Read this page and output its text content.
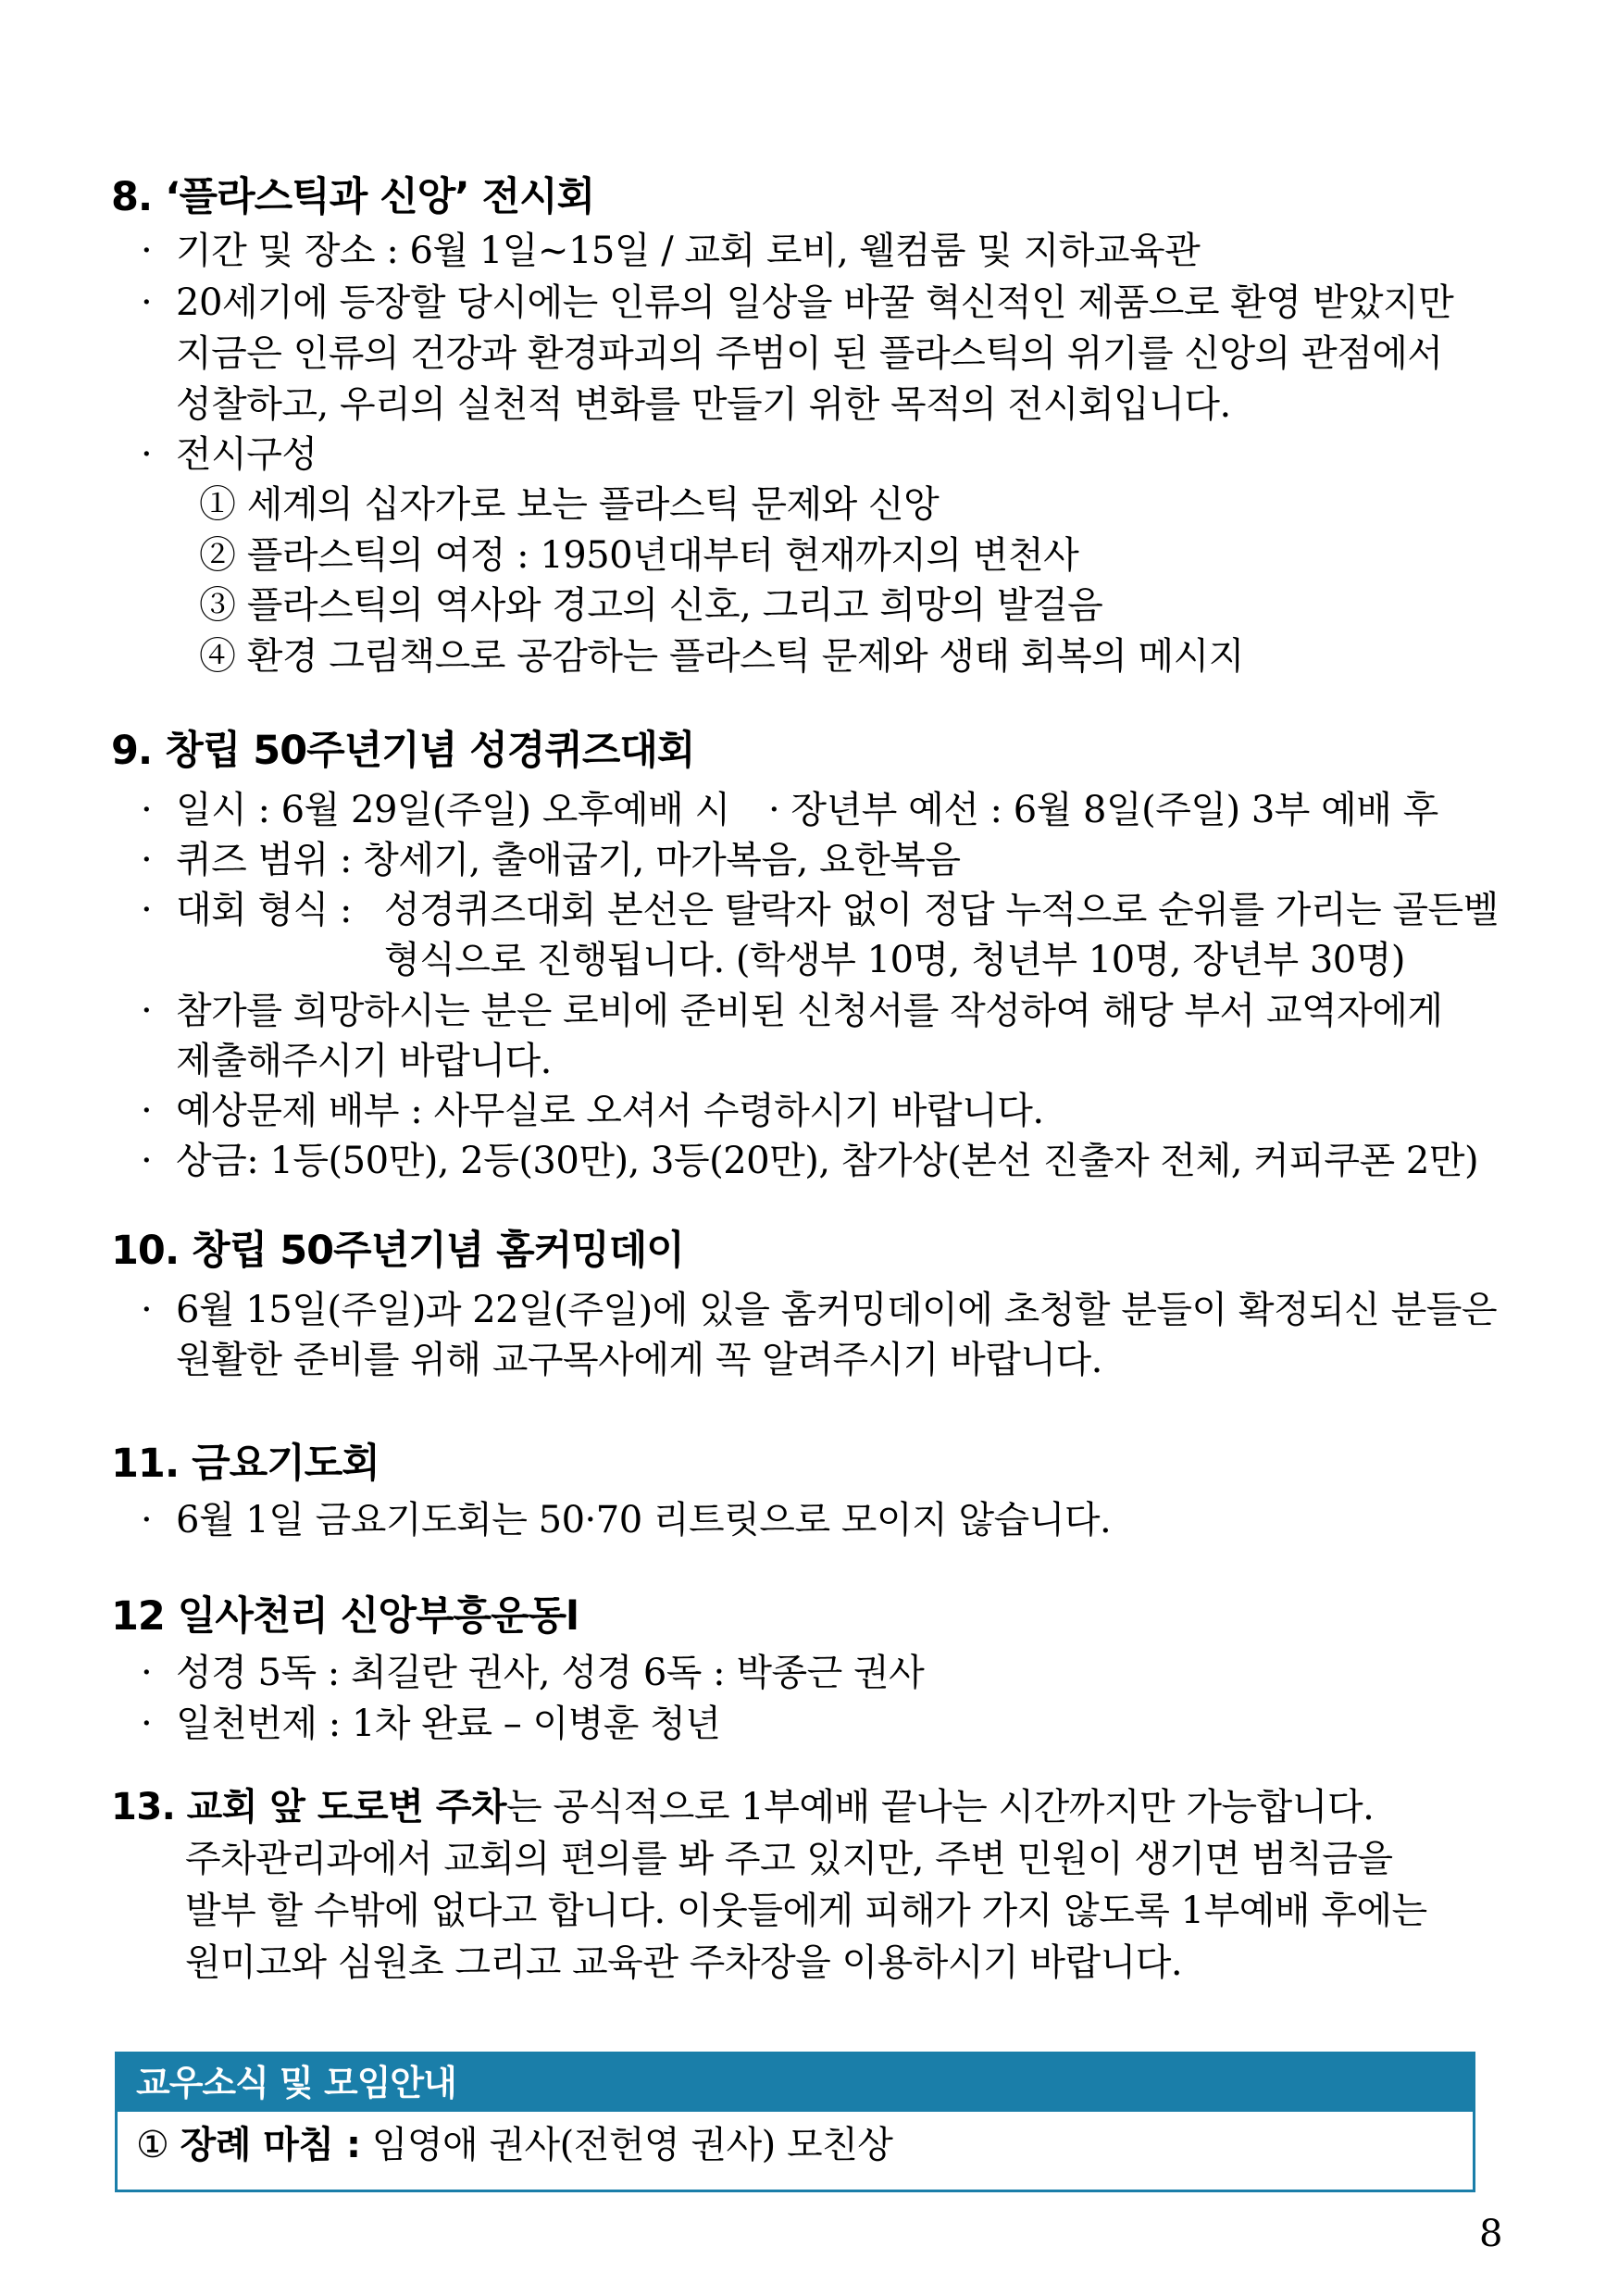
8. ‘플라스틱과 신앙’ 전시회
· 기간 및 장소 : 6월 1일~15일 / 교회 로비, 웰컴룸 및 지하교육관
· 20세기에 등장할 당시에는 인류의 일상을 바꿀 혁신적인 제품으로 환영 받았지만
지금은 인류의 건강과 환경파괴의 주범이 된 플라스틱의 위기를 신앙의 관점에서
성찰하고, 우리의 실천적 변화를 만들기 위한 목적의 전시회입니다.
· 전시구성
① 세계의 십자가로 보는 플라스틱 문제와 신앙
② 플라스틱의 여정 : 1950년대부터 현재까지의 변천사
③ 플라스틱의 역사와 경고의 신호, 그리고 희망의 발걸음
④ 환경 그림책으로 공감하는 플라스틱 문제와 생태 회복의 메시지
9. 창립 50주년기념 성경퀴즈대회
· 일시 : 6월 29일(주일) 오후예배 시 · 장년부 예선 : 6월 8일(주일) 3부 예배 후
· 퀴즈 범위 : 창세기, 출애굽기, 마가복음, 요한복음
· 대회 형식 : 성경퀴즈대회 본선은 탈락자 없이 정답 누적으로 순위를 가리는 골든벨
형식으로 진행됩니다. (학생부 10명, 청년부 10명, 장년부 30명)
· 참가를 희망하시는 분은 로비에 준비된 신청서를 작성하여 해당 부서 교역자에게
제출해주시기 바랍니다.
· 예상문제 배부 : 사무실로 오셔서 수령하시기 바랍니다.
· 상금: 1등(50만), 2등(30만), 3등(20만), 참가상(본선 진출자 전체, 커피쿠폰 2만)
10. 창립 50주년기념 홈커밍데이
· 6월 15일(주일)과 22일(주일)에 있을 홈커밍데이에 초청할 분들이 확정되신 분들은
원활한 준비를 위해 교구목사에게 꼭 알려주시기 바랍니다.
11. 금요기도회
· 6월 1일 금요기도회는 50·70 리트릿으로 모이지 않습니다.
12 일사천리 신앙부흥운동l
· 성경 5독 : 최길란 권사, 성경 6독 : 박종근 권사
· 일천번제 : 1차 완료 – 이병훈 청년
13. 교회 앞 도로변 주차는 공식적으로 1부예배 끝나는 시간까지만 가능합니다.
주차관리과에서 교회의 편의를 봐 주고 있지만, 주변 민원이 생기면 범칙금을
발부 할 수밖에 없다고 합니다. 이웃들에게 피해가 가지 않도록 1부예배 후에는
원미고와 심원초 그리고 교육관 주차장을 이용하시기 바랍니다.
교우소식 및 모임안내
① 장례 마침 : 임영애 권사(전헌영 권사) 모친상
8
